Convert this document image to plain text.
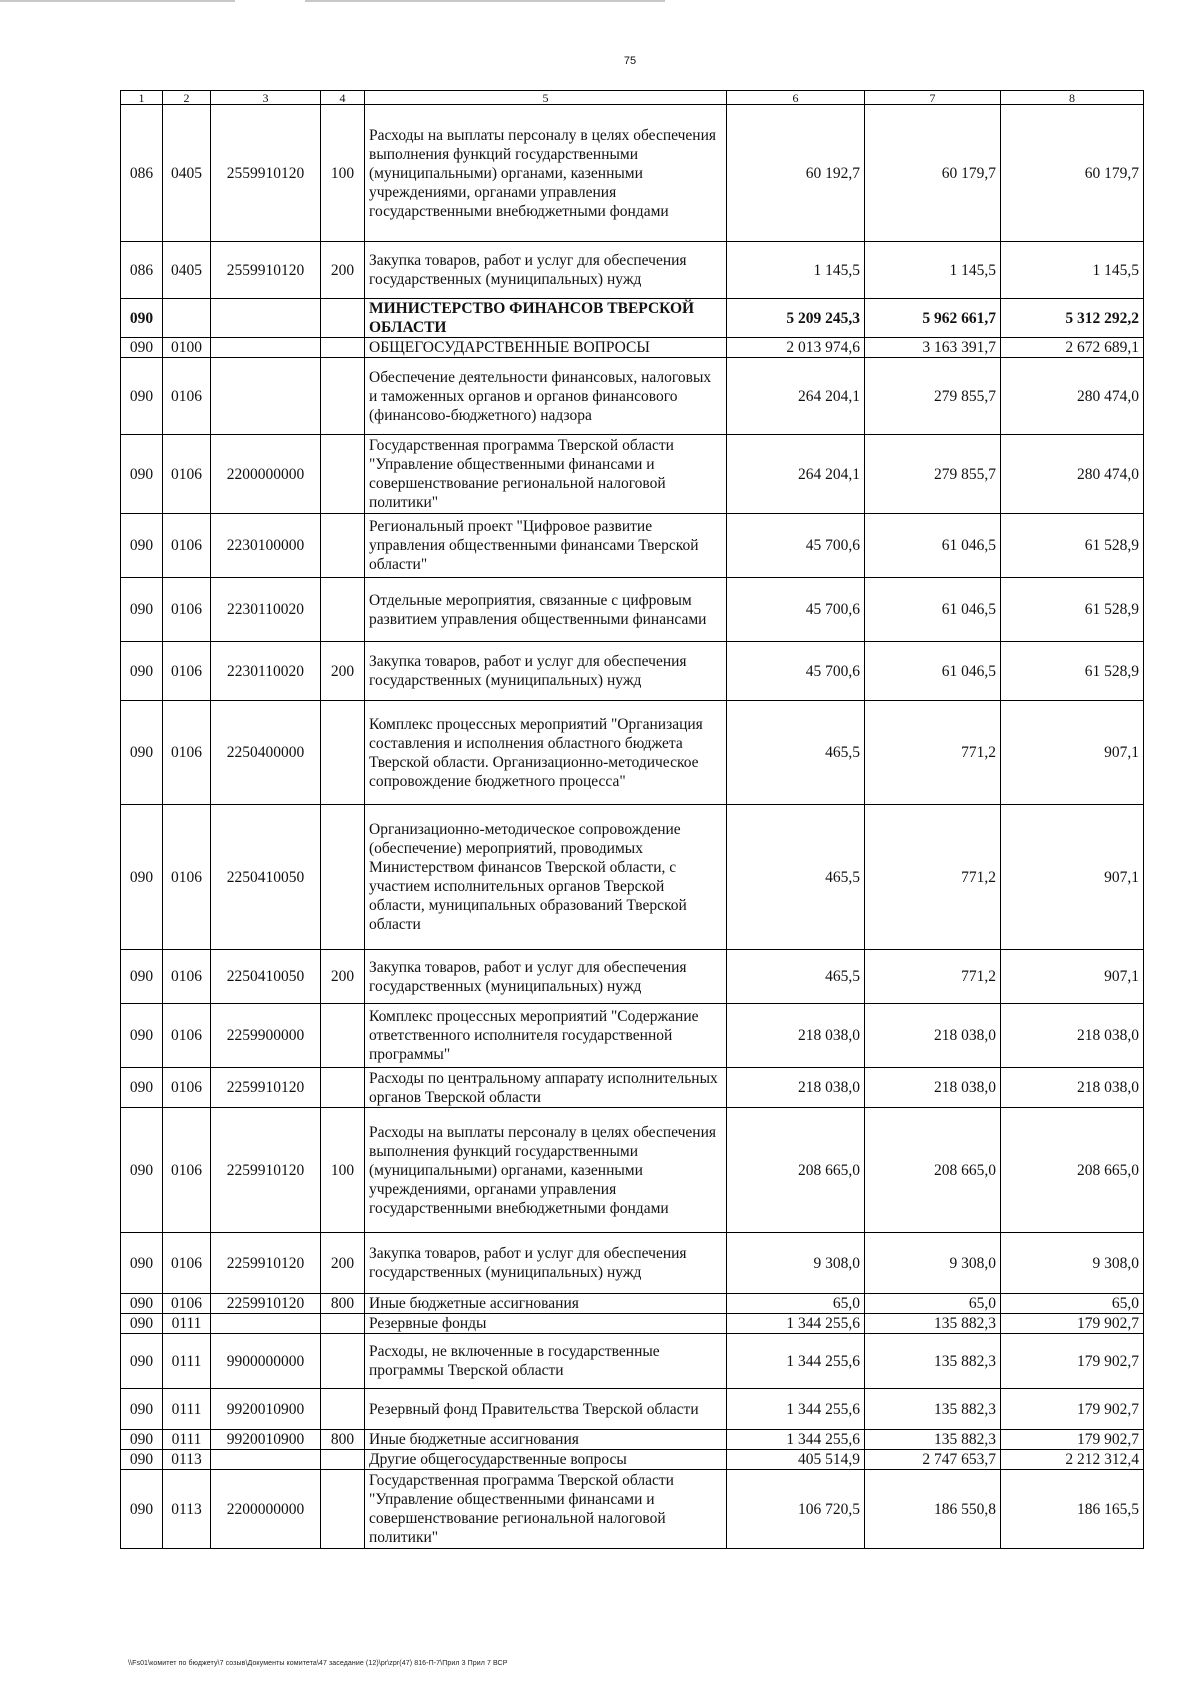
75
1	2	3	4	5	6	7	8
086	0405	2559910120	100	Расходы на выплаты персоналу в целях обеспечения выполнения функций государственными (муниципальными) органами, казенными учреждениями, органами управления государственными внебюджетными фондами	60 192,7	60 179,7	60 179,7
086	0405	2559910120	200	Закупка товаров, работ и услуг для обеспечения государственных (муниципальных) нужд	1 145,5	1 145,5	1 145,5
090				МИНИСТЕРСТВО ФИНАНСОВ ТВЕРСКОЙ ОБЛАСТИ	5 209 245,3	5 962 661,7	5 312 292,2
090	0100			ОБЩЕГОСУДАРСТВЕННЫЕ ВОПРОСЫ	2 013 974,6	3 163 391,7	2 672 689,1
090	0106			Обеспечение деятельности финансовых, налоговых и таможенных органов и органов финансового (финансово-бюджетного) надзора	264 204,1	279 855,7	280 474,0
090	0106	2200000000		Государственная программа Тверской области "Управление общественными финансами и совершенствование региональной налоговой политики"	264 204,1	279 855,7	280 474,0
090	0106	2230100000		Региональный проект "Цифровое развитие управления общественными финансами Тверской области"	45 700,6	61 046,5	61 528,9
090	0106	2230110020		Отдельные мероприятия, связанные с цифровым развитием управления общественными финансами	45 700,6	61 046,5	61 528,9
090	0106	2230110020	200	Закупка товаров, работ и услуг для обеспечения государственных (муниципальных) нужд	45 700,6	61 046,5	61 528,9
090	0106	2250400000		Комплекс процессных мероприятий "Организация составления и исполнения областного бюджета Тверской области. Организационно-методическое сопровождение бюджетного процесса"	465,5	771,2	907,1
090	0106	2250410050		Организационно-методическое сопровождение (обеспечение) мероприятий, проводимых Министерством финансов Тверской области, с участием исполнительных органов Тверской области, муниципальных образований Тверской области	465,5	771,2	907,1
090	0106	2250410050	200	Закупка товаров, работ и услуг для обеспечения государственных (муниципальных) нужд	465,5	771,2	907,1
090	0106	2259900000		Комплекс процессных мероприятий "Содержание ответственного исполнителя государственной программы"	218 038,0	218 038,0	218 038,0
090	0106	2259910120		Расходы по центральному аппарату исполнительных органов Тверской области	218 038,0	218 038,0	218 038,0
090	0106	2259910120	100	Расходы на выплаты персоналу в целях обеспечения выполнения функций государственными (муниципальными) органами, казенными учреждениями, органами управления государственными внебюджетными фондами	208 665,0	208 665,0	208 665,0
090	0106	2259910120	200	Закупка товаров, работ и услуг для обеспечения государственных (муниципальных) нужд	9 308,0	9 308,0	9 308,0
090	0106	2259910120	800	Иные бюджетные ассигнования	65,0	65,0	65,0
090	0111			Резервные фонды	1 344 255,6	135 882,3	179 902,7
090	0111	9900000000		Расходы, не включенные в государственные программы Тверской области	1 344 255,6	135 882,3	179 902,7
090	0111	9920010900		Резервный фонд Правительства Тверской области	1 344 255,6	135 882,3	179 902,7
090	0111	9920010900	800	Иные бюджетные ассигнования	1 344 255,6	135 882,3	179 902,7
090	0113			Другие общегосударственные вопросы	405 514,9	2 747 653,7	2 212 312,4
090	0113	2200000000		Государственная программа Тверской области "Управление общественными финансами и совершенствование региональной налоговой политики"	106 720,5	186 550,8	186 165,5
\\Fs01\комитет по бюджету\7 созыв\Документы комитета\47 заседание (12)\pr\zpr(47) 816-П-7\Прил 3 Прил 7 ВСР
